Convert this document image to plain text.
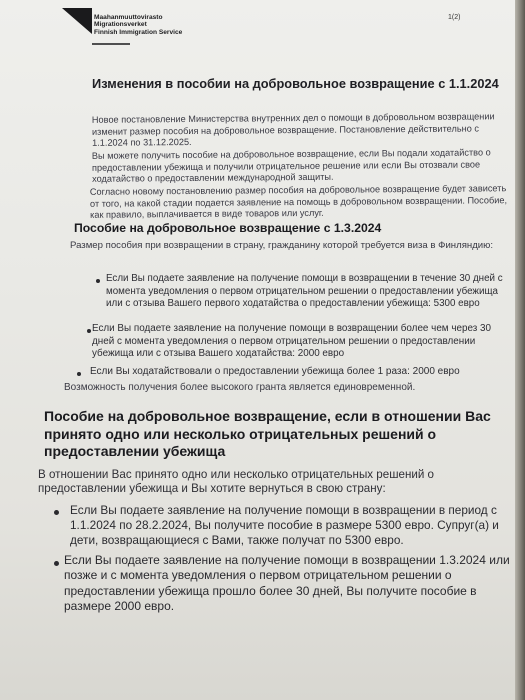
Maahanmuuttovirasto
Migrationsverket
Finnish Immigration Service
1(2)
Изменения в пособии на добровольное возвращение с 1.1.2024
Новое постановление Министерства внутренних дел о помощи в добровольном возвращении изменит размер пособия на добровольное возвращение. Постановление действительно с 1.1.2024 по 31.12.2025.
Вы можете получить пособие на добровольное возвращение, если Вы подали ходатайство о предоставлении убежища и получили отрицательное решение или если Вы отозвали свое ходатайство о предоставлении международной защиты.
Согласно новому постановлению размер пособия на добровольное возвращение будет зависеть от того, на какой стадии подается заявление на помощь в добровольном возвращении. Пособие, как правило, выплачивается в виде товаров или услуг.
Пособие на добровольное возвращение с 1.3.2024
Размер пособия при возвращении в страну, гражданину которой требуется виза в Финляндию:
Если Вы подаете заявление на получение помощи в возвращении в течение 30 дней с момента уведомления о первом отрицательном решении о предоставлении убежища или с отзыва Вашего первого ходатайства о предоставлении убежища: 5300 евро
Если Вы подаете заявление на получение помощи в возвращении более чем через 30 дней с момента уведомления о первом отрицательном решении о предоставлении убежища или с отзыва Вашего ходатайства: 2000 евро
Если Вы ходатайствовали о предоставлении убежища более 1 раза: 2000 евро
Возможность получения более высокого гранта является единовременной.
Пособие на добровольное возвращение, если в отношении Вас принято одно или несколько отрицательных решений о предоставлении убежища
В отношении Вас принято одно или несколько отрицательных решений о предоставлении убежища и Вы хотите вернуться в свою страну:
Если Вы подаете заявление на получение помощи в возвращении в период с 1.1.2024 по 28.2.2024, Вы получите пособие в размере 5300 евро. Супруг(а) и дети, возвращающиеся с Вами, также получат по 5300 евро.
Если Вы подаете заявление на получение помощи в возвращении 1.3.2024 или позже и с момента уведомления о первом отрицательном решении о предоставлении убежища прошло более 30 дней, Вы получите пособие в размере 2000 евро.
